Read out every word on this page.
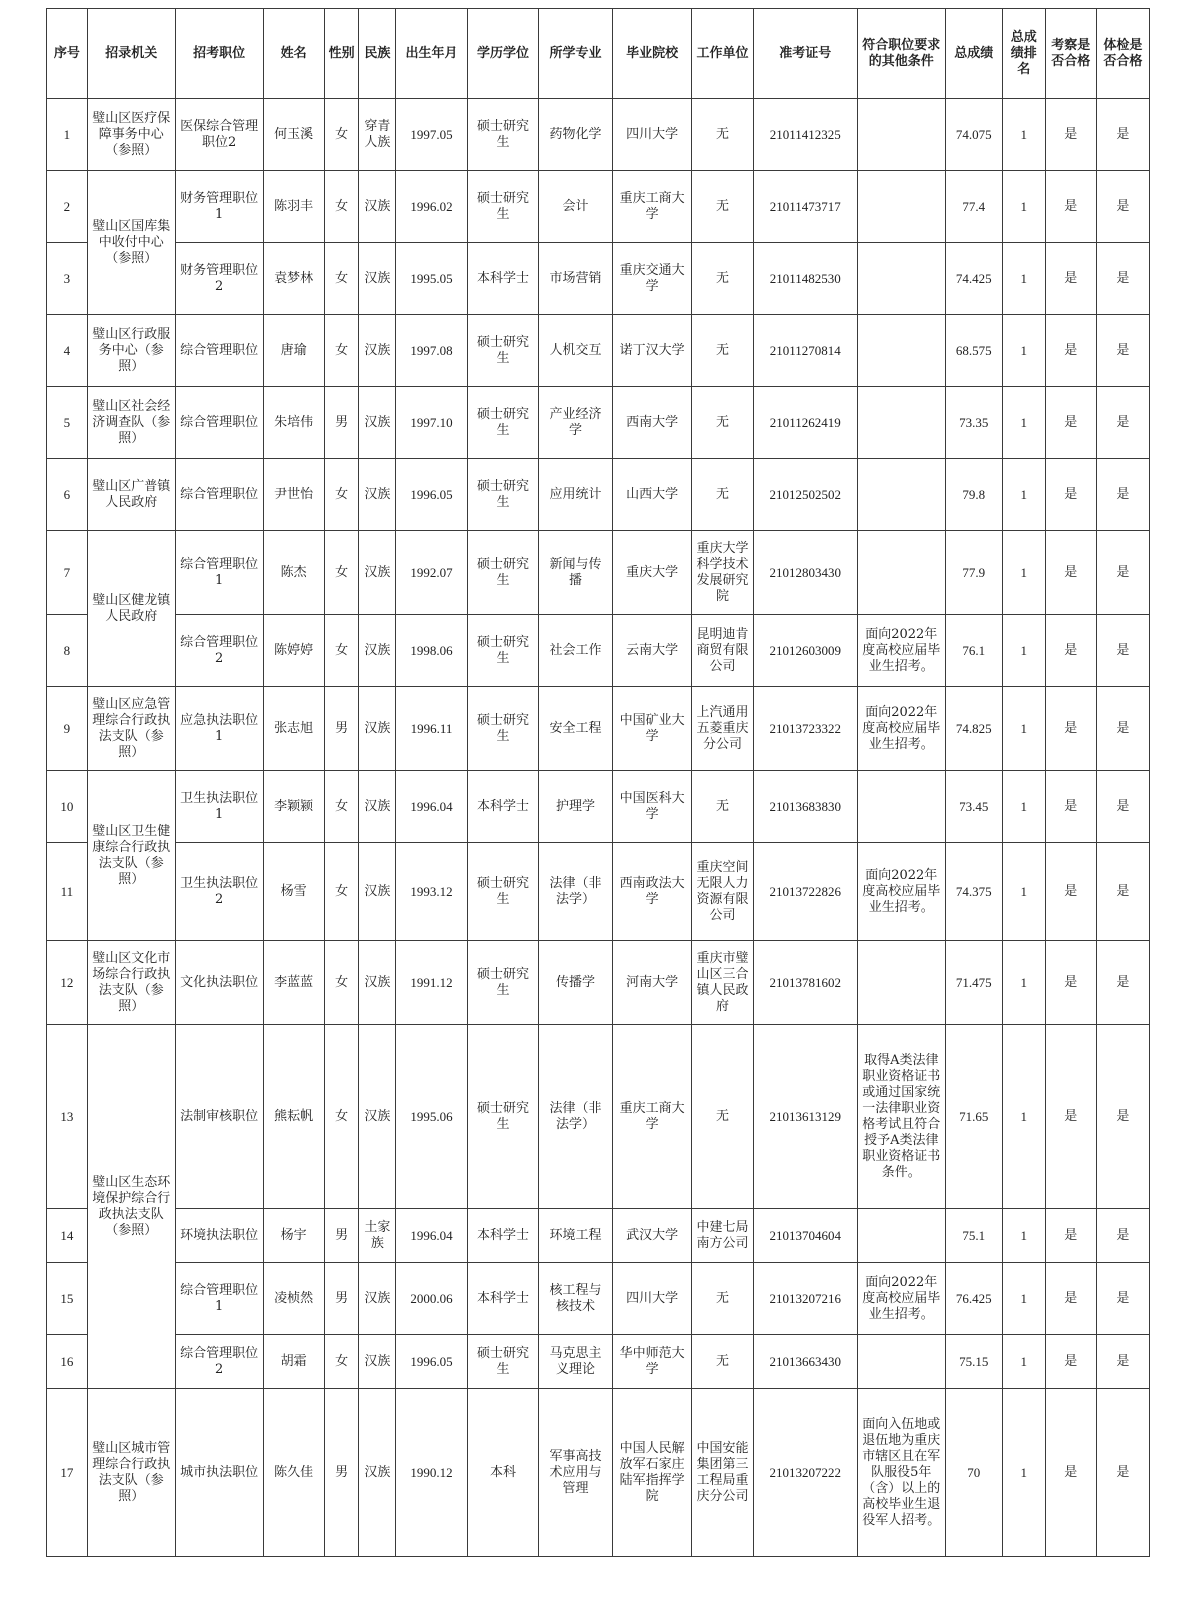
序号	招录机关	招考职位	姓名	性别	民族	出生年月	学历学位	所学专业	毕业院校	工作单位	准考证号	符合职位要求的其他条件	总成绩	总成绩排名	考察是否合格	体检是否合格
1	璧山区医疗保障事务中心（参照）	医保综合管理职位2	何玉溪	女	穿青人族	1997.05	硕士研究生	药物化学	四川大学	无	21011412325		74.075	1	是	是
2	璧山区国库集中收付中心（参照）	财务管理职位1	陈羽丰	女	汉族	1996.02	硕士研究生	会计	重庆工商大学	无	21011473717		77.4	1	是	是
3		财务管理职位2	袁梦林	女	汉族	1995.05	本科学士	市场营销	重庆交通大学	无	21011482530		74.425	1	是	是
4	璧山区行政服务中心（参照）	综合管理职位	唐瑜	女	汉族	1997.08	硕士研究生	人机交互	诺丁汉大学	无	21011270814		68.575	1	是	是
5	璧山区社会经济调查队（参照）	综合管理职位	朱培伟	男	汉族	1997.10	硕士研究生	产业经济学	西南大学	无	21011262419		73.35	1	是	是
6	璧山区广普镇人民政府	综合管理职位	尹世怡	女	汉族	1996.05	硕士研究生	应用统计	山西大学	无	21012502502		79.8	1	是	是
7	璧山区健龙镇人民政府	综合管理职位1	陈杰	女	汉族	1992.07	硕士研究生	新闻与传播	重庆大学	重庆大学科学技术发展研究院	21012803430		77.9	1	是	是
8		综合管理职位2	陈婷婷	女	汉族	1998.06	硕士研究生	社会工作	云南大学	昆明迪肯商贸有限公司	21012603009	面向2022年度高校应届毕业生招考。	76.1	1	是	是
9	璧山区应急管理综合行政执法支队（参照）	应急执法职位1	张志旭	男	汉族	1996.11	硕士研究生	安全工程	中国矿业大学	上汽通用五菱重庆分公司	21013723322	面向2022年度高校应届毕业生招考。	74.825	1	是	是
10	璧山区卫生健康综合行政执法支队（参照）	卫生执法职位1	李颖颍	女	汉族	1996.04	本科学士	护理学	中国医科大学	无	21013683830		73.45	1	是	是
11		卫生执法职位2	杨雪	女	汉族	1993.12	硕士研究生	法律（非法学）	西南政法大学	重庆空间无限人力资源有限公司	21013722826	面向2022年度高校应届毕业生招考。	74.375	1	是	是
12	璧山区文化市场综合行政执法支队（参照）	文化执法职位	李蓝蓝	女	汉族	1991.12	硕士研究生	传播学	河南大学	重庆市璧山区三合镇人民政府	21013781602		71.475	1	是	是
13	璧山区生态环境保护综合行政执法支队（参照）	法制审核职位	熊耘帆	女	汉族	1995.06	硕士研究生	法律（非法学）	重庆工商大学	无	21013613129	取得A类法律职业资格证书或通过国家统一法律职业资格考试且符合授予A类法律职业资格证书条件。	71.65	1	是	是
14		环境执法职位	杨宇	男	土家族	1996.04	本科学士	环境工程	武汉大学	中建七局南方公司	21013704604		75.1	1	是	是
15		综合管理职位1	凌桢然	男	汉族	2000.06	本科学士	核工程与核技术	四川大学	无	21013207216	面向2022年度高校应届毕业生招考。	76.425	1	是	是
16		综合管理职位2	胡霜	女	汉族	1996.05	硕士研究生	马克思主义理论	华中师范大学	无	21013663430		75.15	1	是	是
17	璧山区城市管理综合行政执法支队（参照）	城市执法职位	陈久佳	男	汉族	1990.12	本科	军事高技术应用与管理	中国人民解放军石家庄陆军指挥学院	中国安能集团第三工程局重庆分公司	21013207222	面向入伍地或退伍地为重庆市辖区且在军队服役5年（含）以上的高校毕业生退役军人招考。	70	1	是	是
